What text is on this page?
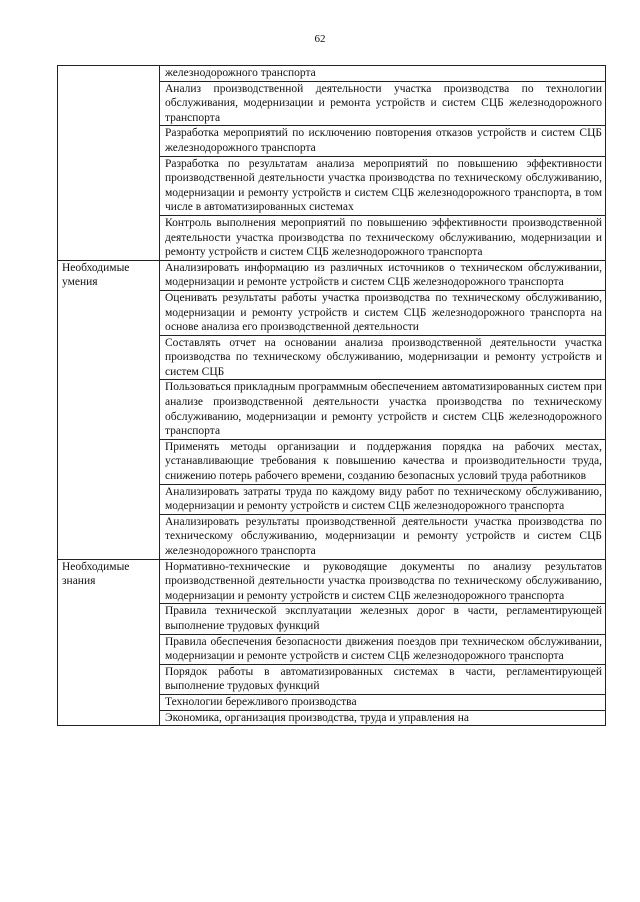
62
	железнодорожного транспорта
	Анализ производственной деятельности участка производства по технологии обслуживания, модернизации и ремонта устройств и систем СЦБ железнодорожного транспорта
	Разработка мероприятий по исключению повторения отказов устройств и систем СЦБ железнодорожного транспорта
	Разработка по результатам анализа мероприятий по повышению эффективности производственной деятельности участка производства по техническому обслуживанию, модернизации и ремонту устройств и систем СЦБ железнодорожного транспорта, в том числе в автоматизированных системах
	Контроль выполнения мероприятий по повышению эффективности производственной деятельности участка производства по техническому обслуживанию, модернизации и ремонту устройств и систем СЦБ железнодорожного транспорта
Необходимые умения	Анализировать информацию из различных источников о техническом обслуживании, модернизации и ремонте устройств и систем СЦБ железнодорожного транспорта
	Оценивать результаты работы участка производства по техническому обслуживанию, модернизации и ремонту устройств и систем СЦБ железнодорожного транспорта на основе анализа его производственной деятельности
	Составлять отчет на основании анализа производственной деятельности участка производства по техническому обслуживанию, модернизации и ремонту устройств и систем СЦБ
	Пользоваться прикладным программным обеспечением автоматизированных систем при анализе производственной деятельности участка производства по техническому обслуживанию, модернизации и ремонту устройств и систем СЦБ железнодорожного транспорта
	Применять методы организации и поддержания порядка на рабочих местах, устанавливающие требования к повышению качества и производительности труда, снижению потерь рабочего времени, созданию безопасных условий труда работников
	Анализировать затраты труда по каждому виду работ по техническому обслуживанию, модернизации и ремонту устройств и систем СЦБ железнодорожного транспорта
	Анализировать результаты производственной деятельности участка производства по техническому обслуживанию, модернизации и ремонту устройств и систем СЦБ железнодорожного транспорта
Необходимые знания	Нормативно-технические и руководящие документы по анализу результатов производственной деятельности участка производства по техническому обслуживанию, модернизации и ремонту устройств и систем СЦБ железнодорожного транспорта
	Правила технической эксплуатации железных дорог в части, регламентирующей выполнение трудовых функций
	Правила обеспечения безопасности движения поездов при техническом обслуживании, модернизации и ремонте устройств и систем СЦБ железнодорожного транспорта
	Порядок работы в автоматизированных системах в части, регламентирующей выполнение трудовых функций
	Технологии бережливого производства
	Экономика, организация производства, труда и управления на
